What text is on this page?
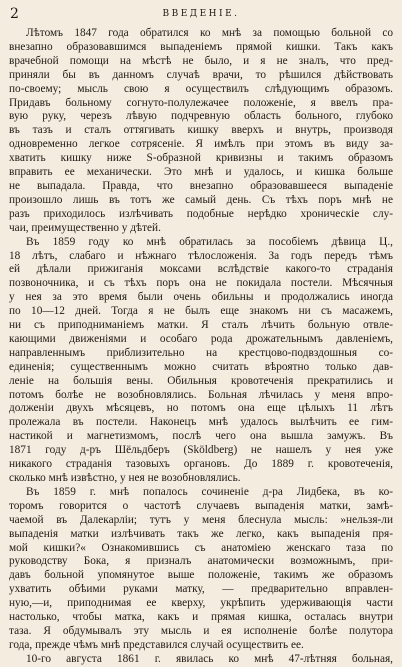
2	ВВЕДЕНІЕ.
Лѣтомъ 1847 года обратился ко мнѣ за помощью больной со
внезапно образовавшимся выпаденіемъ прямой кишки. Такъ какъ
врачебной помощи на мѣстѣ не было, и я не зналъ, что пред-
приняли бы въ данномъ случаѣ врачи, то рѣшился дѣйствовать
по-своему; мысль свою я осуществилъ слѣдующимъ образомъ.
Придавъ больному согнуто-полулежачее положеніе, я ввелъ пра-
вую руку, черезъ лѣвую подчревную область больного, глубоко
въ тазъ и сталъ оттягивать кишку вверхъ и внутрь, производя
одновременно легкое сотрясеніе. Я имѣлъ при этомъ въ виду за-
хватить кишку ниже S-образной кривизны и такимъ образомъ
вправить ее механически. Это мнѣ и удалось, и кишка больше
не выпадала. Правда, что внезапно образовавшееся выпаденіе
произошло лишь въ тотъ же самый день. Съ тѣхъ поръ мнѣ не
разъ приходилось излѣчивать подобные нерѣдко хроническіе слу-
чаи, преимущественно у дѣтей.
Въ 1859 году ко мнѣ обратилась за пособіемъ дѣвица Ц.,
18 лѣтъ, слабаго и нѣжнаго тѣлосложенія. За годъ передъ тѣмъ
ей дѣлали прижиганія моксами вслѣдствіе какого-то страданія
позвоночника, и съ тѣхъ поръ она не покидала постели. Мѣсячныя
у нея за это время были очень обильны и продолжались иногда
по 10—12 дней. Тогда я не былъ еще знакомъ ни съ масажемъ,
ни съ приподниманіемъ матки. Я сталъ лѣчить больную отвле-
кающими движеніями и особаго рода дрожательнымъ давленіемъ,
направленнымъ приблизительно на крестцово-подвздошныя со-
единенія; существеннымъ можно считать вѣроятно только дав-
леніе на большія вены. Обильныя кровотеченія прекратились и
потомъ болѣе не возобновлялись. Больная лѣчилась у меня впро-
долженіи двухъ мѣсяцевъ, но потомъ она еще цѣлыхъ 11 лѣтъ
пролежала въ постели. Наконецъ мнѣ удалось вылѣчить ее гим-
настикой и магнетизмомъ, послѣ чего она вышла замужъ. Въ
1871 году д-ръ Шёльдберъ (Sköldberg) не нашелъ у нея уже
никакого страданія тазовыхъ органовъ. До 1889 г. кровотеченія,
сколько мнѣ извѣстно, у нея не возобновлялись.
Въ 1859 г. мнѣ попалось сочиненіе д-ра Лидбека, въ ко-
торомъ говорится о частотѣ случаевъ выпаденія матки, замѣ-
чаемой въ Далекарліи; тутъ у меня блеснула мысль: »нельзя-ли
выпаденія матки излѣчивать такъ же легко, какъ выпаденія пря-
мой кишки?« Ознакомившись съ анатоміею женскаго таза по
руководству Бока, я призналъ анатомически возможнымъ, при-
давъ больной упомянутое выше положеніе, такимъ же образомъ
ухватить обѣими руками матку, — предварительно вправлен-
ную,—и, приподнимая ее кверху, укрѣпить удерживающія части
настолько, чтобы матка, какъ и прямая кишка, осталась внутри
таза. Я обдумывалъ эту мысль и ея исполненіе болѣе полутора
года, прежде чѣмъ мнѣ представился случай осуществить ее.
10-го августа 1861 г. явилась ко мнѣ 47-лѣтняя больная,
